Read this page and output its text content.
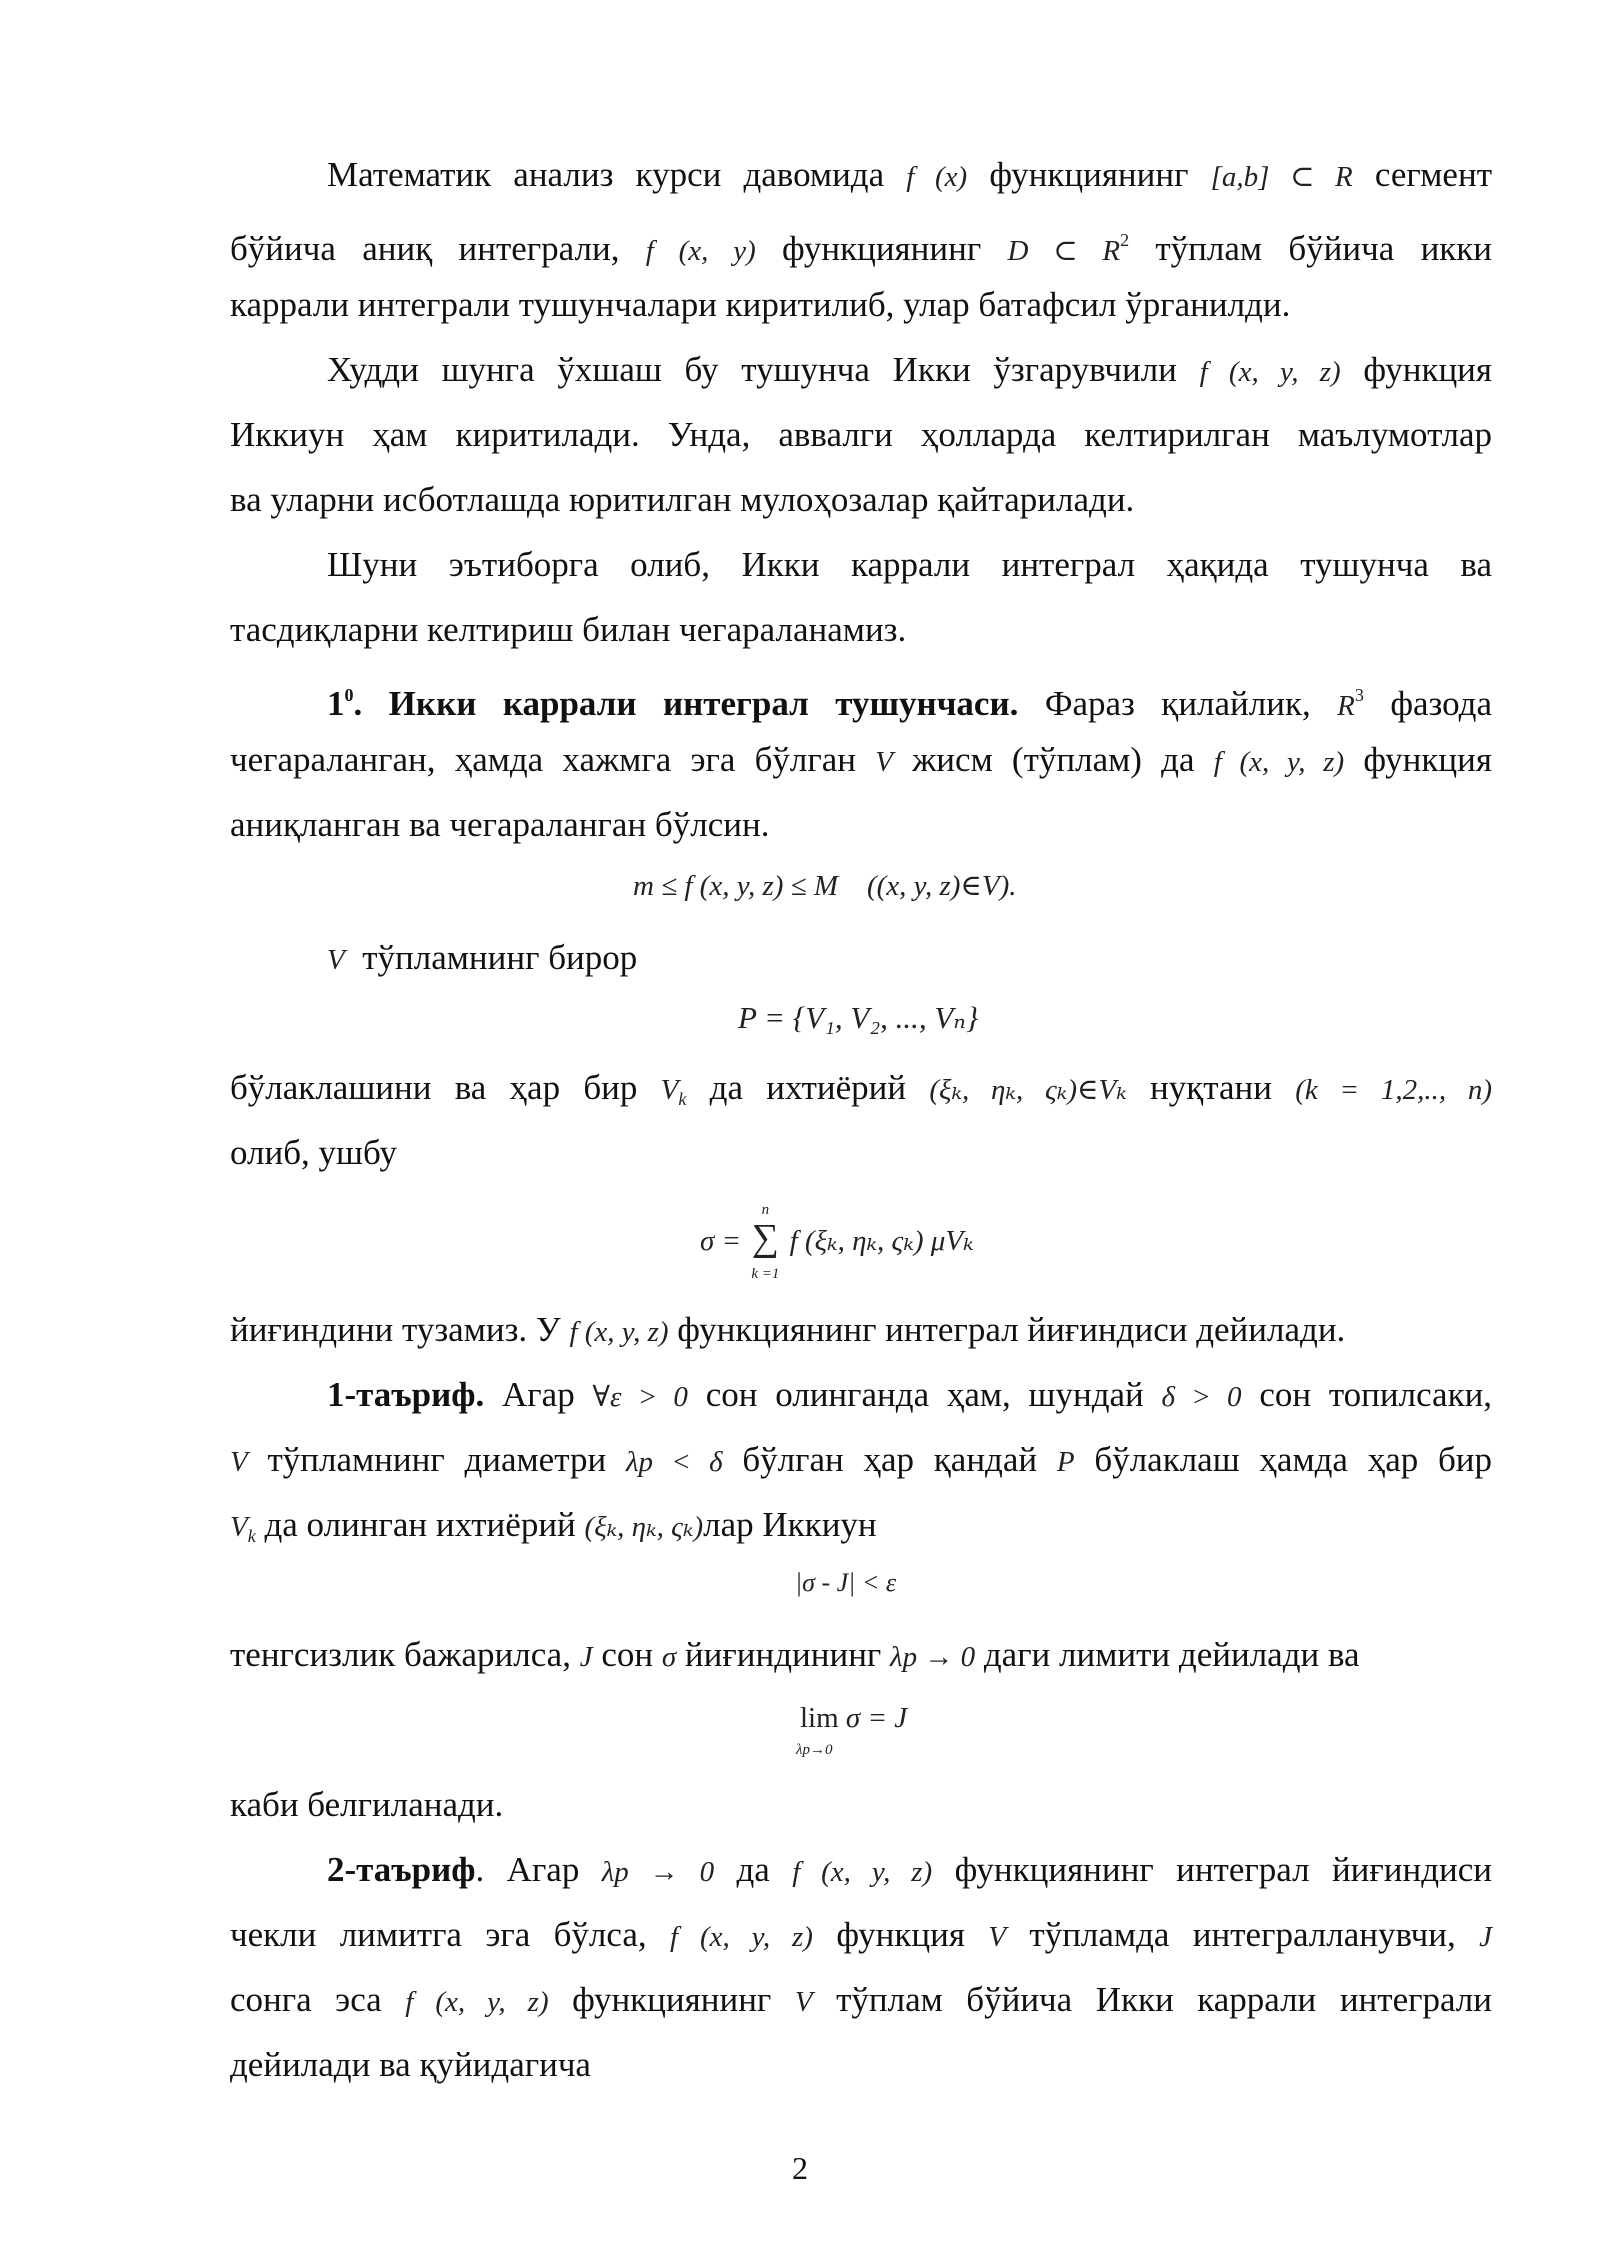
Математик анализ курси давомида f (x) функциянинг [a,b] ⊂ R сегмент
бўйича аниқ интеграли, f (x, y) функциянинг D ⊂ $R^2$ тўплам бўйича икки
каррали интеграли тушунчалари киритилиб, улар батафсил ўрганилди.
Худди шунга ўхшаш бу тушунча Икки ўзгарувчили f (x, y, z) функция
Иккиун ҳам киритилади. Унда, аввалги ҳолларда келтирилган маълумотлар
ва уларни исботлашда юритилган мулоҳозалар қайтарилади.
Шуни эътиборга олиб, Икки каррали интеграл ҳақида тушунча ва
тасдиқларни келтириш билан чегараланамиз.
$1^0$. Икки каррали интеграл тушунчаси. Фараз қилайлик, $R^3$ фазода
чегараланган, ҳамда хажмга эга бўлган V жисм (тўплам) да f (x, y, z) функция
аниқланган ва чегараланган бўлсин.
m ≤ f (x, y, z) ≤ M ((x, y, z)∈V).
V тўпламнинг бирор
P = {V₁, V₂, ..., Vₙ}
бўлаклашини ва ҳар бир $V_k$ да ихтиёрий (ξₖ, ηₖ, ςₖ)∈Vₖ нуқтани (k = 1,2,.., n)
олиб, ушбу
σ =
n
∑
k =1
f (ξₖ, ηₖ, ςₖ) μVₖ
йиғиндини тузамиз. У f (x, y, z) функциянинг интеграл йиғиндиси дейилади.
1-таъриф. Агар ∀ε > 0 сон олинганда ҳам, шундай δ > 0 сон топилсаки,
V тўпламнинг диаметри λp < δ бўлган ҳар қандай P бўлаклаш ҳамда ҳар бир
$V_k$ да олинган ихтиёрий (ξₖ, ηₖ, ςₖ)лар Иккиун
|σ - J| < ε
тенгсизлик бажарилса, J сон σ йиғиндининг λp → 0 даги лимити дейилади ва
lim
λp→0
σ = J
каби белгиланади.
2-таъриф. Агар λp → 0 да f (x, y, z) функциянинг интеграл йиғиндиси
чекли лимитга эга бўлса, f (x, y, z) функция V тўпламда интегралланувчи, J
сонга эса f (x, y, z) функциянинг V тўплам бўйича Икки каррали интеграли
дейилади ва қуйидагича
2
